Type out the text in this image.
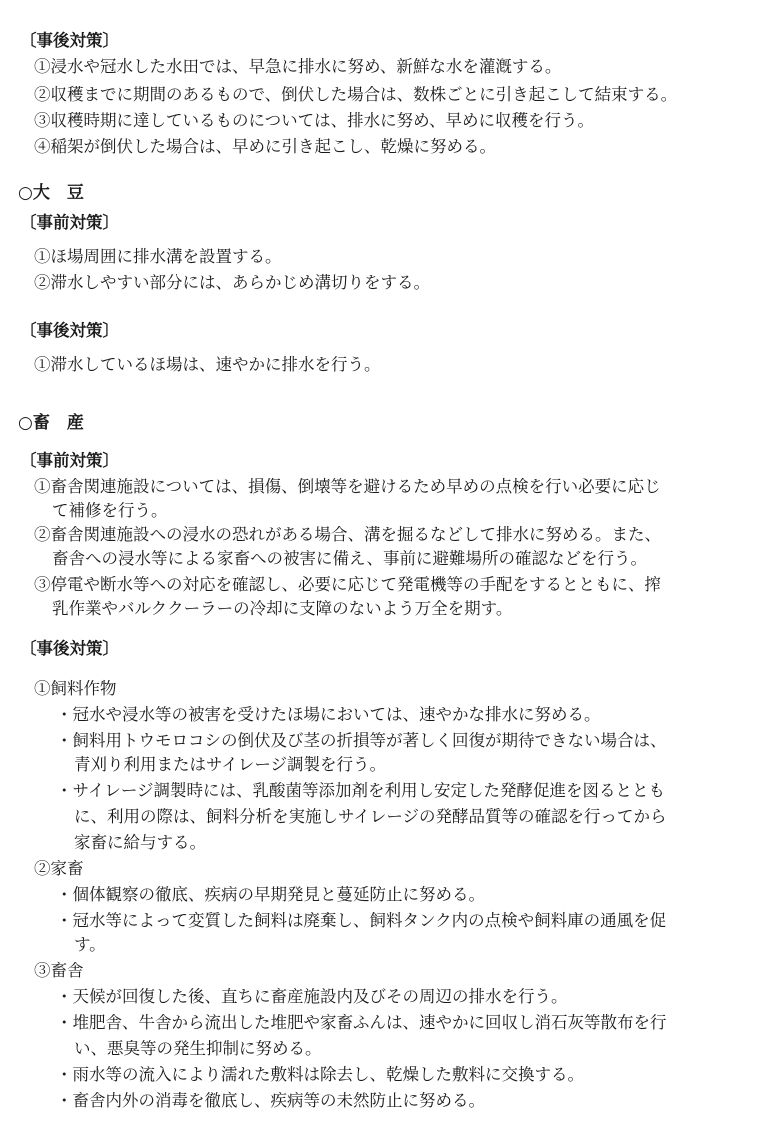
〔事後対策〕
①浸水や冠水した水田では、早急に排水に努め、新鮮な水を灌漑する。
②収穫までに期間のあるもので、倒伏した場合は、数株ごとに引き起こして結束する。
③収穫時期に達しているものについては、排水に努め、早めに収穫を行う。
④稲架が倒伏した場合は、早めに引き起こし、乾燥に努める。
○大　豆
〔事前対策〕
①ほ場周囲に排水溝を設置する。
②滞水しやすい部分には、あらかじめ溝切りをする。
〔事後対策〕
①滞水しているほ場は、速やかに排水を行う。
○畜　産
〔事前対策〕
①畜舎関連施設については、損傷、倒壊等を避けるため早めの点検を行い必要に応じ
て補修を行う。
②畜舎関連施設への浸水の恐れがある場合、溝を掘るなどして排水に努める。また、
畜舎への浸水等による家畜への被害に備え、事前に避難場所の確認などを行う。
③停電や断水等への対応を確認し、必要に応じて発電機等の手配をするとともに、搾
乳作業やバルククーラーの冷却に支障のないよう万全を期す。
〔事後対策〕
①飼料作物
・冠水や浸水等の被害を受けたほ場においては、速やかな排水に努める。
・飼料用トウモロコシの倒伏及び茎の折損等が著しく回復が期待できない場合は、
青刈り利用またはサイレージ調製を行う。
・サイレージ調製時には、乳酸菌等添加剤を利用し安定した発酵促進を図るととも
に、利用の際は、飼料分析を実施しサイレージの発酵品質等の確認を行ってから
家畜に給与する。
②家畜
・個体観察の徹底、疾病の早期発見と蔓延防止に努める。
・冠水等によって変質した飼料は廃棄し、飼料タンク内の点検や飼料庫の通風を促
す。
③畜舎
・天候が回復した後、直ちに畜産施設内及びその周辺の排水を行う。
・堆肥舎、牛舎から流出した堆肥や家畜ふんは、速やかに回収し消石灰等散布を行
い、悪臭等の発生抑制に努める。
・雨水等の流入により濡れた敷料は除去し、乾燥した敷料に交換する。
・畜舎内外の消毒を徹底し、疾病等の未然防止に努める。
